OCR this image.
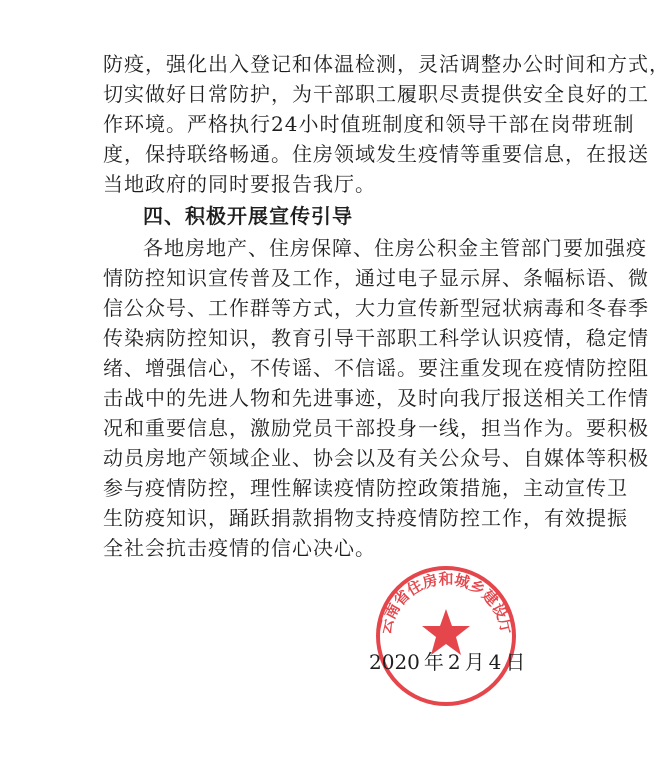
防疫，强化出入登记和体温检测，灵活调整办公时间和方式，
切实做好日常防护，为干部职工履职尽责提供安全良好的工
作环境。严格执行24小时值班制度和领导干部在岗带班制
度，保持联络畅通。住房领域发生疫情等重要信息，在报送
当地政府的同时要报告我厅。
四、积极开展宣传引导
各地房地产、住房保障、住房公积金主管部门要加强疫
情防控知识宣传普及工作，通过电子显示屏、条幅标语、微
信公众号、工作群等方式，大力宣传新型冠状病毒和冬春季
传染病防控知识，教育引导干部职工科学认识疫情，稳定情
绪、增强信心，不传谣、不信谣。要注重发现在疫情防控阻
击战中的先进人物和先进事迹，及时向我厅报送相关工作情
况和重要信息，激励党员干部投身一线，担当作为。要积极
动员房地产领域企业、协会以及有关公众号、自媒体等积极
参与疫情防控，理性解读疫情防控政策措施，主动宣传卫
生防疫知识，踊跃捐款捐物支持疫情防控工作，有效提振
全社会抗击疫情的信心决心。
云南省住房和城乡建设厅
2020 年 2 月 4 日
